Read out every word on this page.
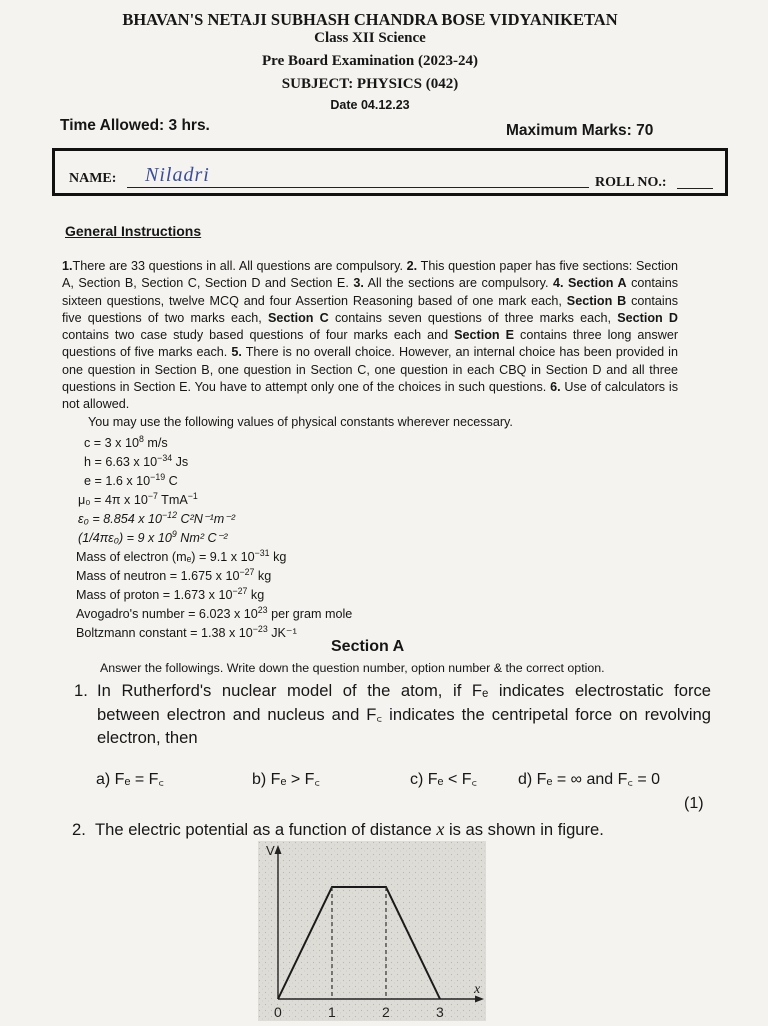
BHAVAN'S NETAJI SUBHASH CHANDRA BOSE VIDYANIKETAN
Class XII Science
Pre Board Examination (2023-24)
SUBJECT: PHYSICS (042)
Date 04.12.23
Time Allowed: 3 hrs.	Maximum Marks: 70
NAME: Niladri	ROLL NO.:
General Instructions
1.There are 33 questions in all. All questions are compulsory. 2. This question paper has five sections: Section A, Section B, Section C, Section D and Section E. 3. All the sections are compulsory. 4. Section A contains sixteen questions, twelve MCQ and four Assertion Reasoning based of one mark each, Section B contains five questions of two marks each, Section C contains seven questions of three marks each, Section D contains two case study based questions of four marks each and Section E contains three long answer questions of five marks each. 5. There is no overall choice. However, an internal choice has been provided in one question in Section B, one question in Section C, one question in each CBQ in Section D and all three questions in Section E. You have to attempt only one of the choices in such questions. 6. Use of calculators is not allowed.
You may use the following values of physical constants wherever necessary.
c = 3 x $10^8$ m/s
h = 6.63 x $10^{-34}$ Js
e = 1.6 x $10^{-19}$ C
μ₀ = 4π x $10^{-7}$ TmA$^{-1}$
ε₀ = 8.854 x $10^{-12}$ C²N⁻¹m⁻²
(1/4πε₀) = 9 x $10^9$ Nm² C⁻²
Mass of electron (mₑ) = 9.1 x $10^{-31}$ kg
Mass of neutron = 1.675 x $10^{-27}$ kg
Mass of proton = 1.673 x $10^{-27}$ kg
Avogadro's number = 6.023 x $10^{23}$ per gram mole
Boltzmann constant = 1.38 x $10^{-23}$ JK⁻¹
Section A
Answer the followings. Write down the question number, option number & the correct option.
1. In Rutherford's nuclear model of the atom, if Fₑ indicates electrostatic force between electron and nucleus and F꜀ indicates the centripetal force on revolving electron, then
a) Fₑ = F꜀	b) Fₑ > F꜀	c) Fₑ < F꜀	d) Fₑ = ∞ and F꜀ = 0
(1)
2. The electric potential as a function of distance x is as shown in figure.
V
x
0	1	2	3
